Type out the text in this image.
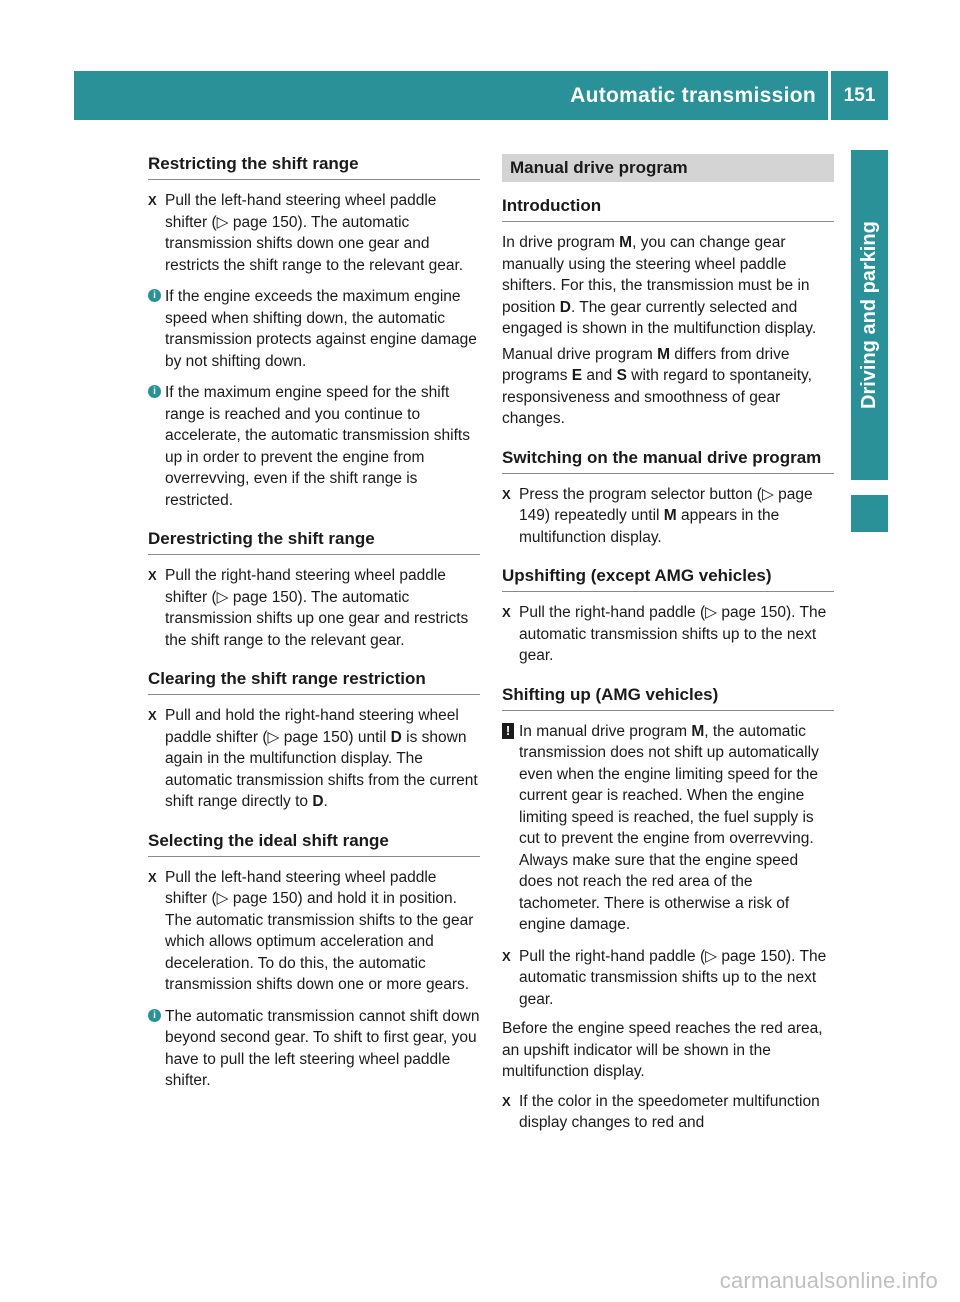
Automatic transmission	151
Driving and parking
Restricting the shift range
X Pull the left-hand steering wheel paddle shifter (▷ page 150). The automatic transmission shifts down one gear and restricts the shift range to the relevant gear.
i If the engine exceeds the maximum engine speed when shifting down, the automatic transmission protects against engine damage by not shifting down.
i If the maximum engine speed for the shift range is reached and you continue to accelerate, the automatic transmission shifts up in order to prevent the engine from overrevving, even if the shift range is restricted.
Derestricting the shift range
X Pull the right-hand steering wheel paddle shifter (▷ page 150). The automatic transmission shifts up one gear and restricts the shift range to the relevant gear.
Clearing the shift range restriction
X Pull and hold the right-hand steering wheel paddle shifter (▷ page 150) until D is shown again in the multifunction display. The automatic transmission shifts from the current shift range directly to D.
Selecting the ideal shift range
X Pull the left-hand steering wheel paddle shifter (▷ page 150) and hold it in position. The automatic transmission shifts to the gear which allows optimum acceleration and deceleration. To do this, the automatic transmission shifts down one or more gears.
i The automatic transmission cannot shift down beyond second gear. To shift to first gear, you have to pull the left steering wheel paddle shifter.
Manual drive program
Introduction

In drive program M, you can change gear manually using the steering wheel paddle shifters. For this, the transmission must be in position D. The gear currently selected and engaged is shown in the multifunction display.

Manual drive program M differs from drive programs E and S with regard to spontaneity, responsiveness and smoothness of gear changes.

Switching on the manual drive program
X Press the program selector button (▷ page 149) repeatedly until M appears in the multifunction display.
Upshifting (except AMG vehicles)
X Pull the right-hand paddle (▷ page 150). The automatic transmission shifts up to the next gear.
Shifting up (AMG vehicles)
! In manual drive program M, the automatic transmission does not shift up automatically even when the engine limiting speed for the current gear is reached. When the engine limiting speed is reached, the fuel supply is cut to prevent the engine from overrevving. Always make sure that the engine speed does not reach the red area of the tachometer. There is otherwise a risk of engine damage.
X Pull the right-hand paddle (▷ page 150). The automatic transmission shifts up to the next gear.

Before the engine speed reaches the red area, an upshift indicator will be shown in the multifunction display.

X If the color in the speedometer multifunction display changes to red and
carmanualsonline.info
